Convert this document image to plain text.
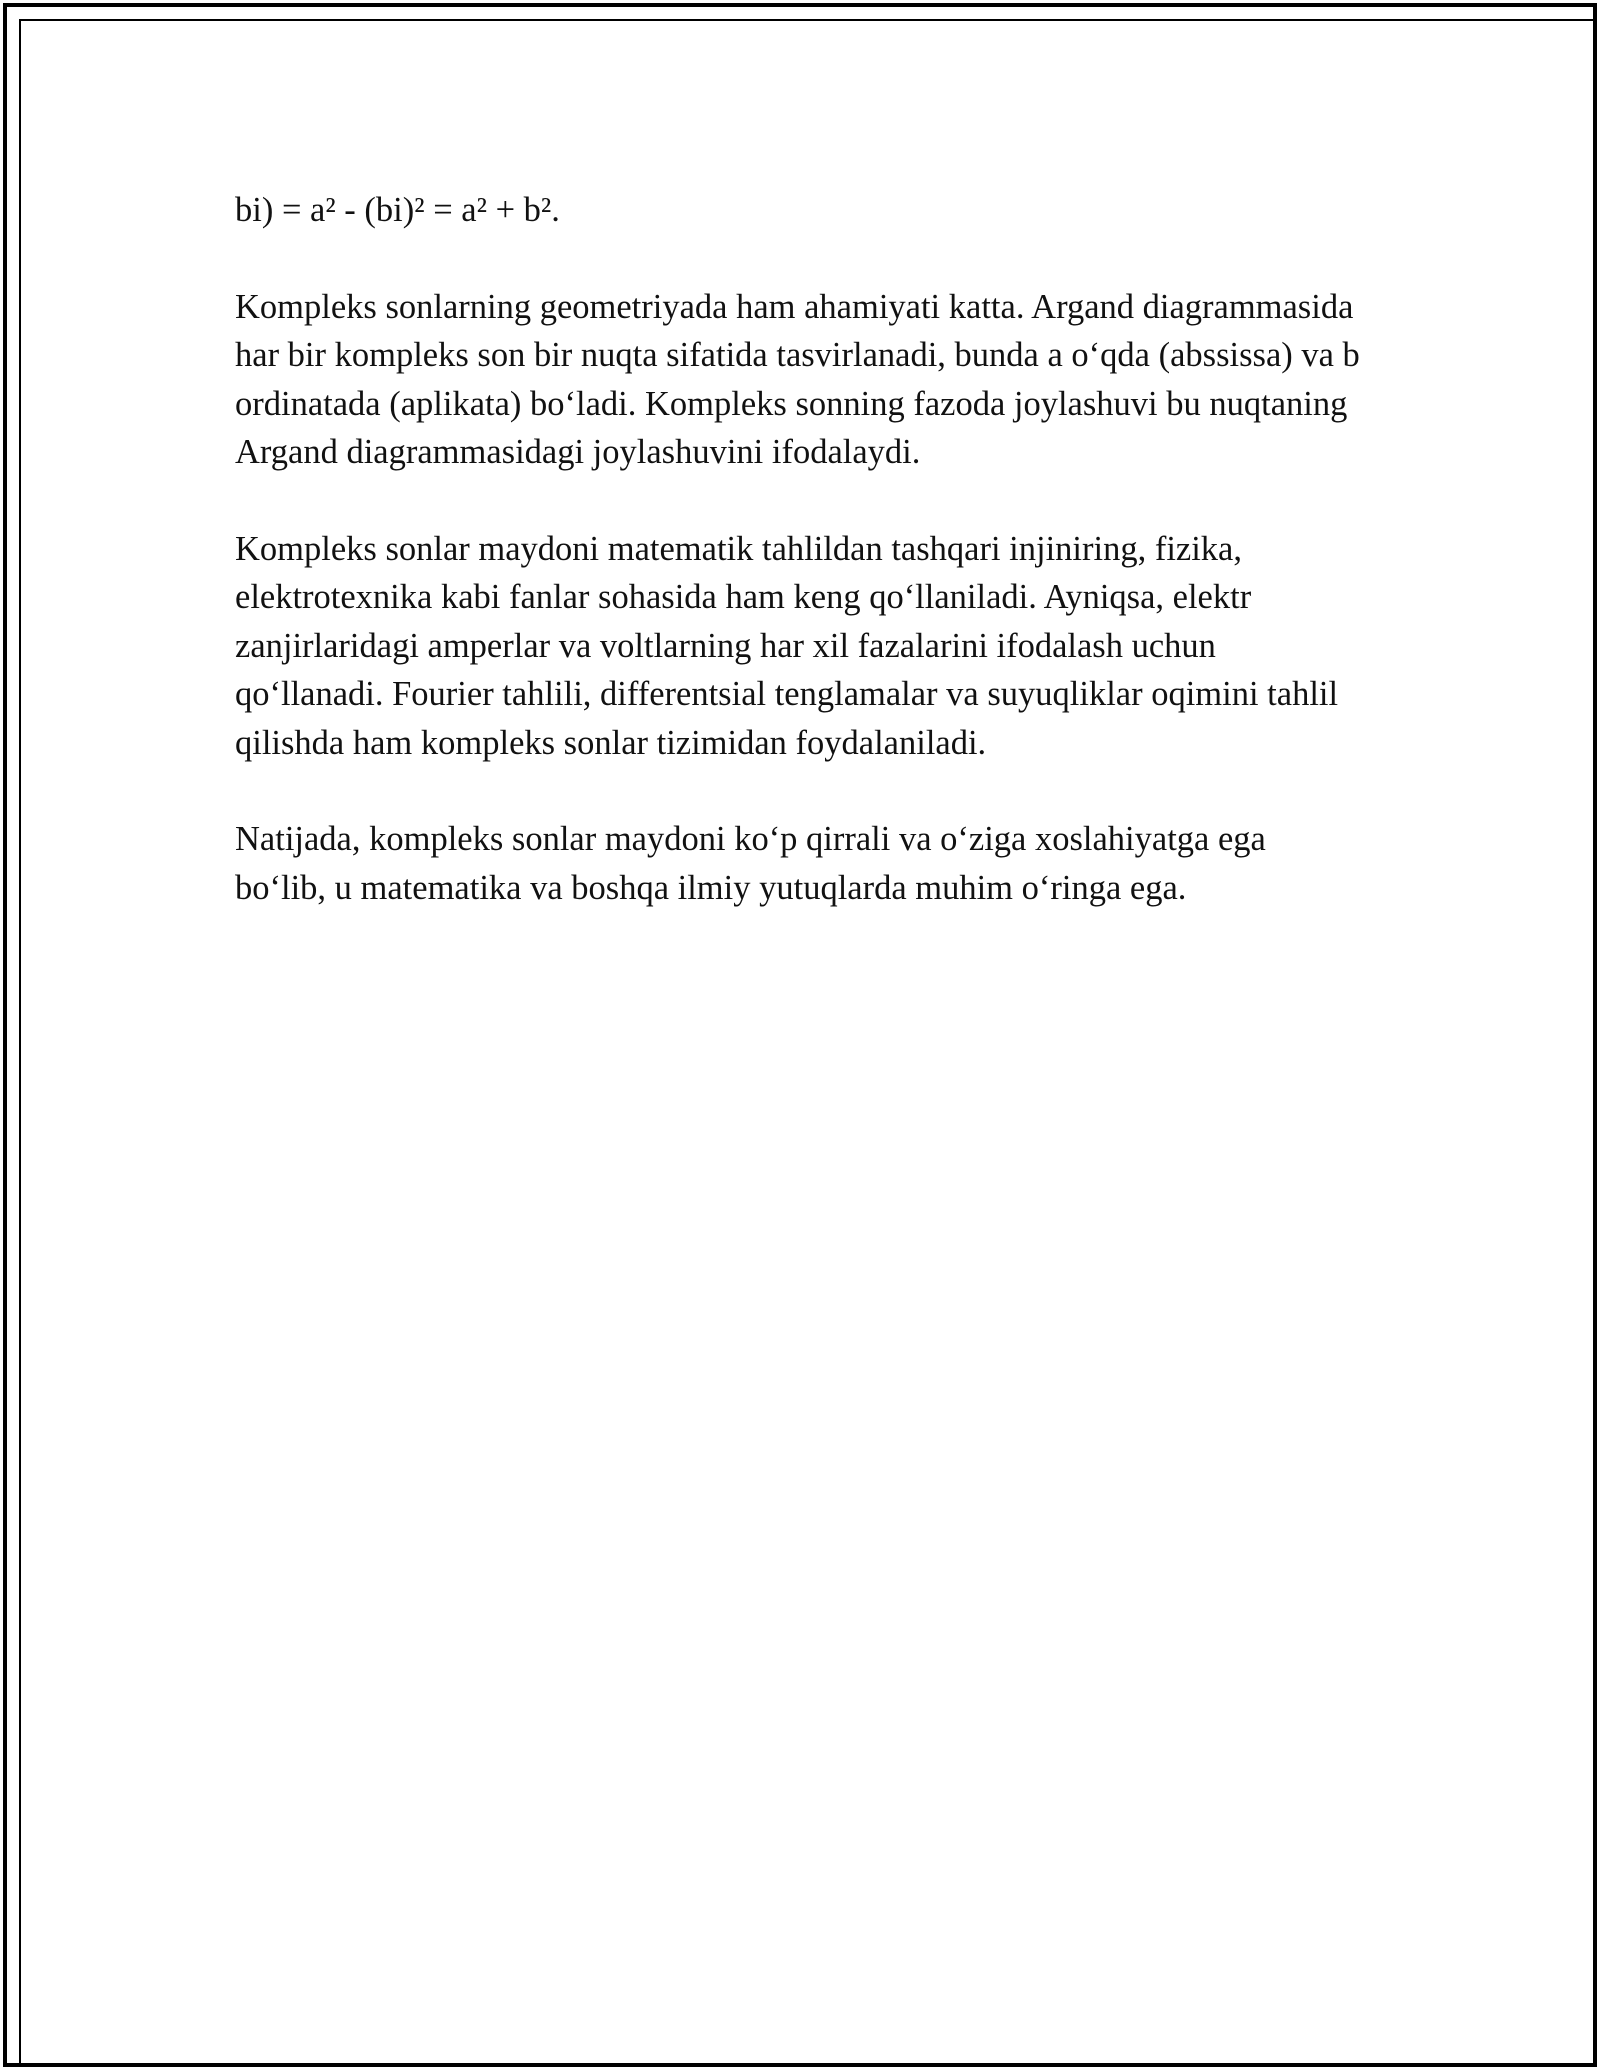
bi) = a² - (bi)² = a² + b².

Kompleks sonlarning geometriyada ham ahamiyati katta. Argand diagrammasida har bir kompleks son bir nuqta sifatida tasvirlanadi, bunda a o‘qda (abssissa) va b ordinatada (aplikata) bo‘ladi. Kompleks sonning fazoda joylashuvi bu nuqtaning Argand diagrammasidagi joylashuvini ifodalaydi.

Kompleks sonlar maydoni matematik tahlildan tashqari injiniring, fizika, elektrotexnika kabi fanlar sohasida ham keng qo‘llaniladi. Ayniqsa, elektr zanjirlaridagi amperlar va voltlarning har xil fazalarini ifodalash uchun qo‘llanadi. Fourier tahlili, differentsial tenglamalar va suyuqliklar oqimini tahlil qilishda ham kompleks sonlar tizimidan foydalaniladi.

Natijada, kompleks sonlar maydoni ko‘p qirrali va o‘ziga xoslahiyatga ega bo‘lib, u matematika va boshqa ilmiy yutuqlarda muhim o‘ringa ega.
